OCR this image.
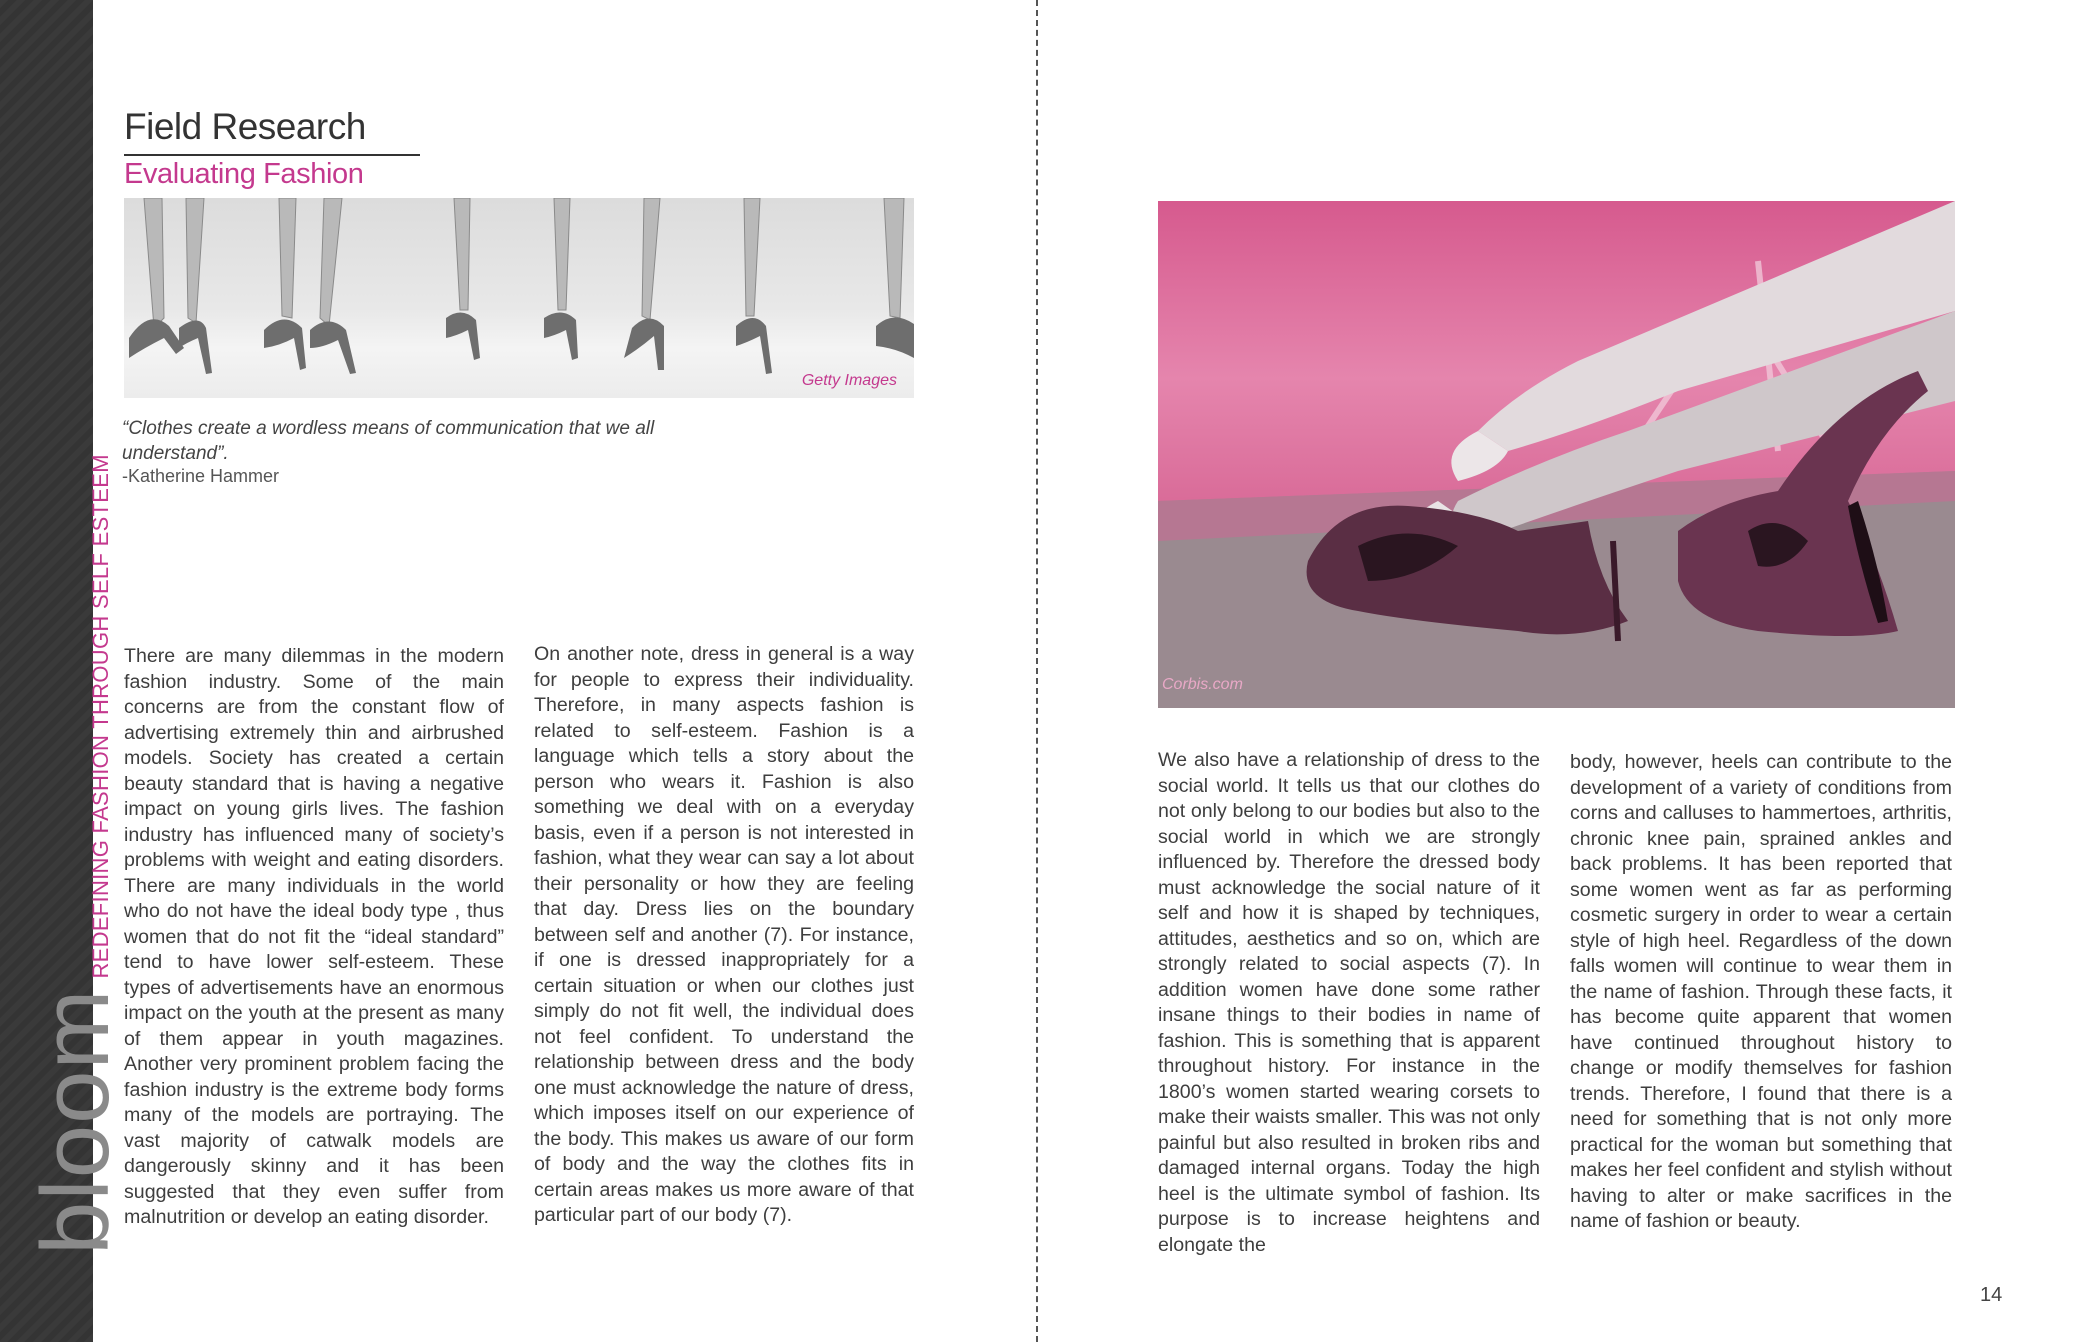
bloom
REDEFINING FASHION THROUGH SELF ESTEEM
Field Research
Evaluating Fashion
Getty Images
“Clothes create a wordless means of communication that we all understand”.
-Katherine Hammer
There are many dilemmas in the modern fashion industry. Some of the main concerns are from the constant flow of advertising extremely thin and airbrushed models. Society has created a certain beauty standard that is having a negative impact on young girls lives. The fashion industry has influenced many of society’s problems with weight and eating disorders. There are many individuals in the world who do not have the ideal body type , thus women that do not fit the “ideal standard” tend to have lower self-esteem. These types of advertisements have an enormous impact on the youth at the present as many of them appear in youth magazines. Another very prominent problem facing the fashion industry is the extreme body forms many of the models are portraying. The vast majority of catwalk models are dangerously skinny and it has been suggested that they even suffer from malnutrition or develop an eating disorder.
On another note, dress in general is a way for people to express their individuality. Therefore, in many aspects fashion is related to self-esteem. Fashion is a language which tells a story about the person who wears it. Fashion is also something we deal with on a everyday basis, even if a person is not interested in fashion, what they wear can say a lot about their personality or how they are feeling that day. Dress lies on the boundary between self and another (7). For instance, if one is dressed inappropriately for a certain situation or when our clothes just simply do not fit well, the individual does not feel confident. To understand the relationship between dress and the body one must acknowledge the nature of dress, which imposes itself on our experience of the body. This makes us aware of our form of body and the way the clothes fits in certain areas makes us more aware of that particular part of our body (7).
Corbis.com
We also have a relationship of dress to the social world. It tells us that our clothes do not only belong to our bodies but also to the social world in which we are strongly influenced by. Therefore the dressed body must acknowledge the social nature of it self and how it is shaped by techniques, attitudes, aesthetics and so on, which are strongly related to social aspects (7). In addition women have done some rather insane things to their bodies in name of fashion. This is something that is apparent throughout history. For instance in the 1800’s women started wearing corsets to make their waists smaller. This was not only painful but also resulted in broken ribs and damaged internal organs. Today the high heel is the ultimate symbol of fashion. Its purpose is to increase heightens and elongate the
body, however, heels can contribute to the development of a variety of conditions from corns and calluses to hammertoes, arthritis, chronic knee pain, sprained ankles and back problems. It has been reported that some women went as far as performing cosmetic surgery in order to wear a certain style of high heel. Regardless of the down falls women will continue to wear them in the name of fashion. Through these facts, it has become quite apparent that women have continued throughout history to change or modify themselves for fashion trends. Therefore, I found that there is a need for something that is not only more practical for the woman but something that makes her feel confident and stylish without having to alter or make sacrifices in the name of fashion or beauty.
14
